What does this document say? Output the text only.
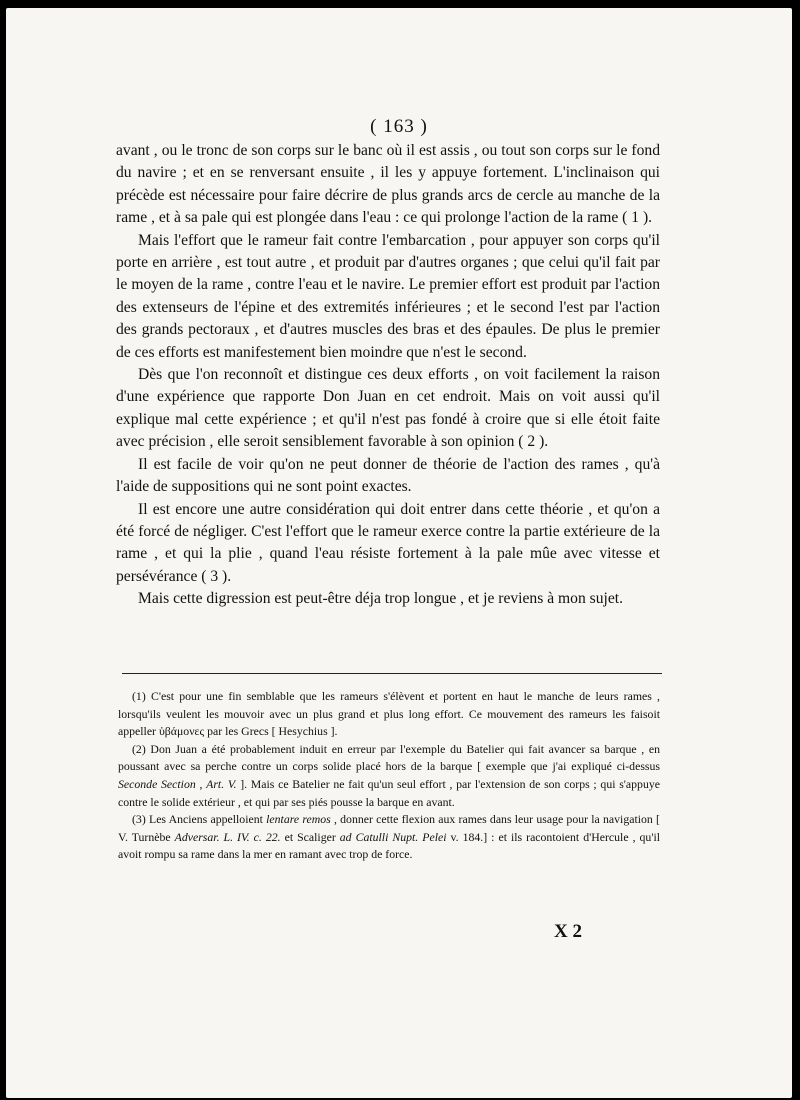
( 163 )

avant , ou le tronc de son corps sur le banc où il est assis , ou tout son corps sur le fond du navire ; et en se renversant ensuite , il les y appuye fortement. L'inclinaison qui précède est nécessaire pour faire décrire de plus grands arcs de cercle au manche de la rame , et à sa pale qui est plongée dans l'eau : ce qui prolonge l'action de la rame ( 1 ).

Mais l'effort que le rameur fait contre l'embarcation , pour appuyer son corps qu'il porte en arrière , est tout autre , et produit par d'autres organes ; que celui qu'il fait par le moyen de la rame , contre l'eau et le navire. Le premier effort est produit par l'action des extenseurs de l'épine et des extremités inférieures ; et le second l'est par l'action des grands pectoraux , et d'autres muscles des bras et des épaules. De plus le premier de ces efforts est manifestement bien moindre que n'est le second.

Dès que l'on reconnoît et distingue ces deux efforts , on voit facilement la raison d'une expérience que rapporte Don Juan en cet endroit. Mais on voit aussi qu'il explique mal cette expérience ; et qu'il n'est pas fondé à croire que si elle étoit faite avec précision , elle seroit sensiblement favorable à son opinion ( 2 ).

Il est facile de voir qu'on ne peut donner de théorie de l'action des rames , qu'à l'aide de suppositions qui ne sont point exactes.

Il est encore une autre considération qui doit entrer dans cette théorie , et qu'on a été forcé de négliger. C'est l'effort que le rameur exerce contre la partie extérieure de la rame , et qui la plie , quand l'eau résiste fortement à la pale mûe avec vitesse et persévérance ( 3 ).

Mais cette digression est peut-être déja trop longue , et je reviens à mon sujet.

(1) C'est pour une fin semblable que les rameurs s'élèvent et portent en haut le manche de leurs rames , lorsqu'ils veulent les mouvoir avec un plus grand et plus long effort. Ce mouvement des rameurs les faisoit appeller ὑβάμονες par les Grecs [ Hesychius ].

(2) Don Juan a été probablement induit en erreur par l'exemple du Batelier qui fait avancer sa barque , en poussant avec sa perche contre un corps solide placé hors de la barque [ exemple que j'ai expliqué ci-dessus Seconde Section , Art. V. ]. Mais ce Batelier ne fait qu'un seul effort , par l'extension de son corps ; qui s'appuye contre le solide extérieur , et qui par ses piés pousse la barque en avant.

(3) Les Anciens appelloient lentare remos , donner cette flexion aux rames dans leur usage pour la navigation [ V. Turnèbe Adversar. L. IV. c. 22. et Scaliger ad Catulli Nupt. Pelei v. 184.] : et ils racontoient d'Hercule , qu'il avoit rompu sa rame dans la mer en ramant avec trop de force.

X 2
